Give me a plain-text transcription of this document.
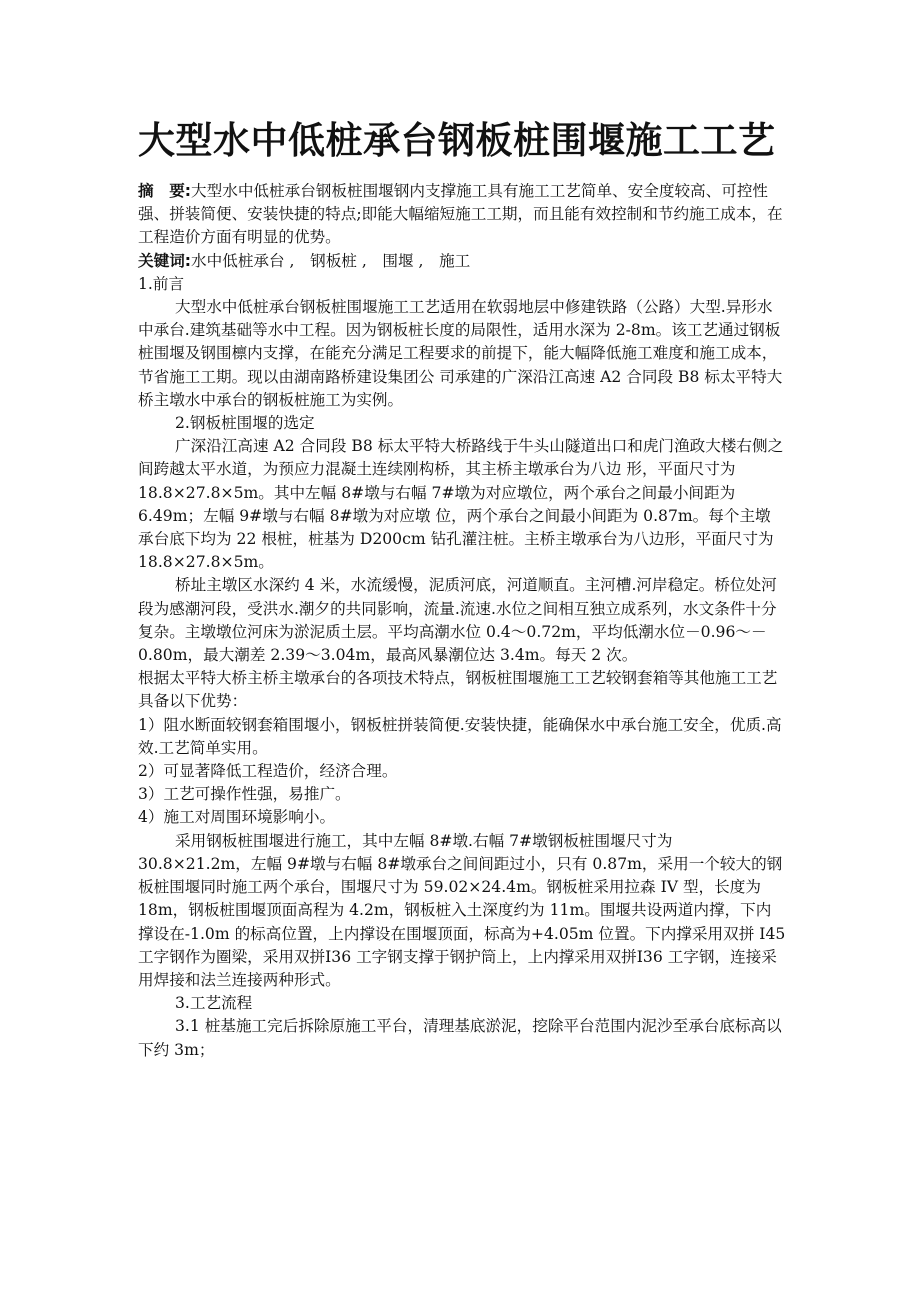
大型水中低桩承台钢板桩围堰施工工艺

摘　要:大型水中低桩承台钢板桩围堰钢内支撑施工具有施工工艺简单、安全度较高、可控性强、拼装简便、安装快捷的特点;即能大幅缩短施工工期，而且能有效控制和节约施工成本，在工程造价方面有明显的优势。

关键词:水中低桩承台 ,　钢板桩 ,　围堰 ,　施工

1.前言

大型水中低桩承台钢板桩围堰施工工艺适用在软弱地层中修建铁路（公路）大型.异形水中承台.建筑基础等水中工程。因为钢板桩长度的局限性，适用水深为 2-8m。该工艺通过钢板桩围堰及钢围檩内支撑，在能充分满足工程要求的前提下，能大幅降低施工难度和施工成本，节省施工工期。现以由湖南路桥建设集团公 司承建的广深沿江高速 A2 合同段 B8 标太平特大桥主墩水中承台的钢板桩施工为实例。

2.钢板桩围堰的选定

广深沿江高速 A2 合同段 B8 标太平特大桥路线于牛头山隧道出口和虎门渔政大楼右侧之间跨越太平水道，为预应力混凝土连续刚构桥，其主桥主墩承台为八边 形，平面尺寸为 18.8×27.8×5m。其中左幅 8#墩与右幅 7#墩为对应墩位，两个承台之间最小间距为 6.49m；左幅 9#墩与右幅 8#墩为对应墩 位，两个承台之间最小间距为 0.87m。每个主墩承台底下均为 22 根桩，桩基为 D200cm 钻孔灌注桩。主桥主墩承台为八边形，平面尺寸为 18.8×27.8×5m。

桥址主墩区水深约 4 米，水流缓慢，泥质河底，河道顺直。主河槽.河岸稳定。桥位处河段为感潮河段，受洪水.潮夕的共同影响，流量.流速.水位之间相互独立成系列，水文条件十分复杂。主墩墩位河床为淤泥质土层。平均高潮水位 0.4～0.72m，平均低潮水位－0.96～－0.80m，最大潮差 2.39～3.04m，最高风暴潮位达 3.4m。每天 2 次。

根据太平特大桥主桥主墩承台的各项技术特点，钢板桩围堰施工工艺较钢套箱等其他施工工艺具备以下优势：

1）阻水断面较钢套箱围堰小，钢板桩拼装简便.安装快捷，能确保水中承台施工安全，优质.高效.工艺简单实用。

2）可显著降低工程造价，经济合理。

3）工艺可操作性强，易推广。

4）施工对周围环境影响小。

采用钢板桩围堰进行施工，其中左幅 8#墩.右幅 7#墩钢板桩围堰尺寸为 30.8×21.2m，左幅 9#墩与右幅 8#墩承台之间间距过小，只有 0.87m，采用一个较大的钢板桩围堰同时施工两个承台，围堰尺寸为 59.02×24.4m。钢板桩采用拉森 IV 型，长度为 18m，钢板桩围堰顶面高程为 4.2m，钢板桩入土深度约为 11m。围堰共设两道内撑，下内撑设在-1.0m 的标高位置，上内撑设在围堰顶面，标高为+4.05m 位置。下内撑采用双拼 Ⅰ45 工字钢作为圈梁，采用双拼Ⅰ36 工字钢支撑于钢护筒上，上内撑采用双拼Ⅰ36 工字钢，连接采用焊接和法兰连接两种形式。

3.工艺流程

3.1 桩基施工完后拆除原施工平台，清理基底淤泥，挖除平台范围内泥沙至承台底标高以下约 3m；
